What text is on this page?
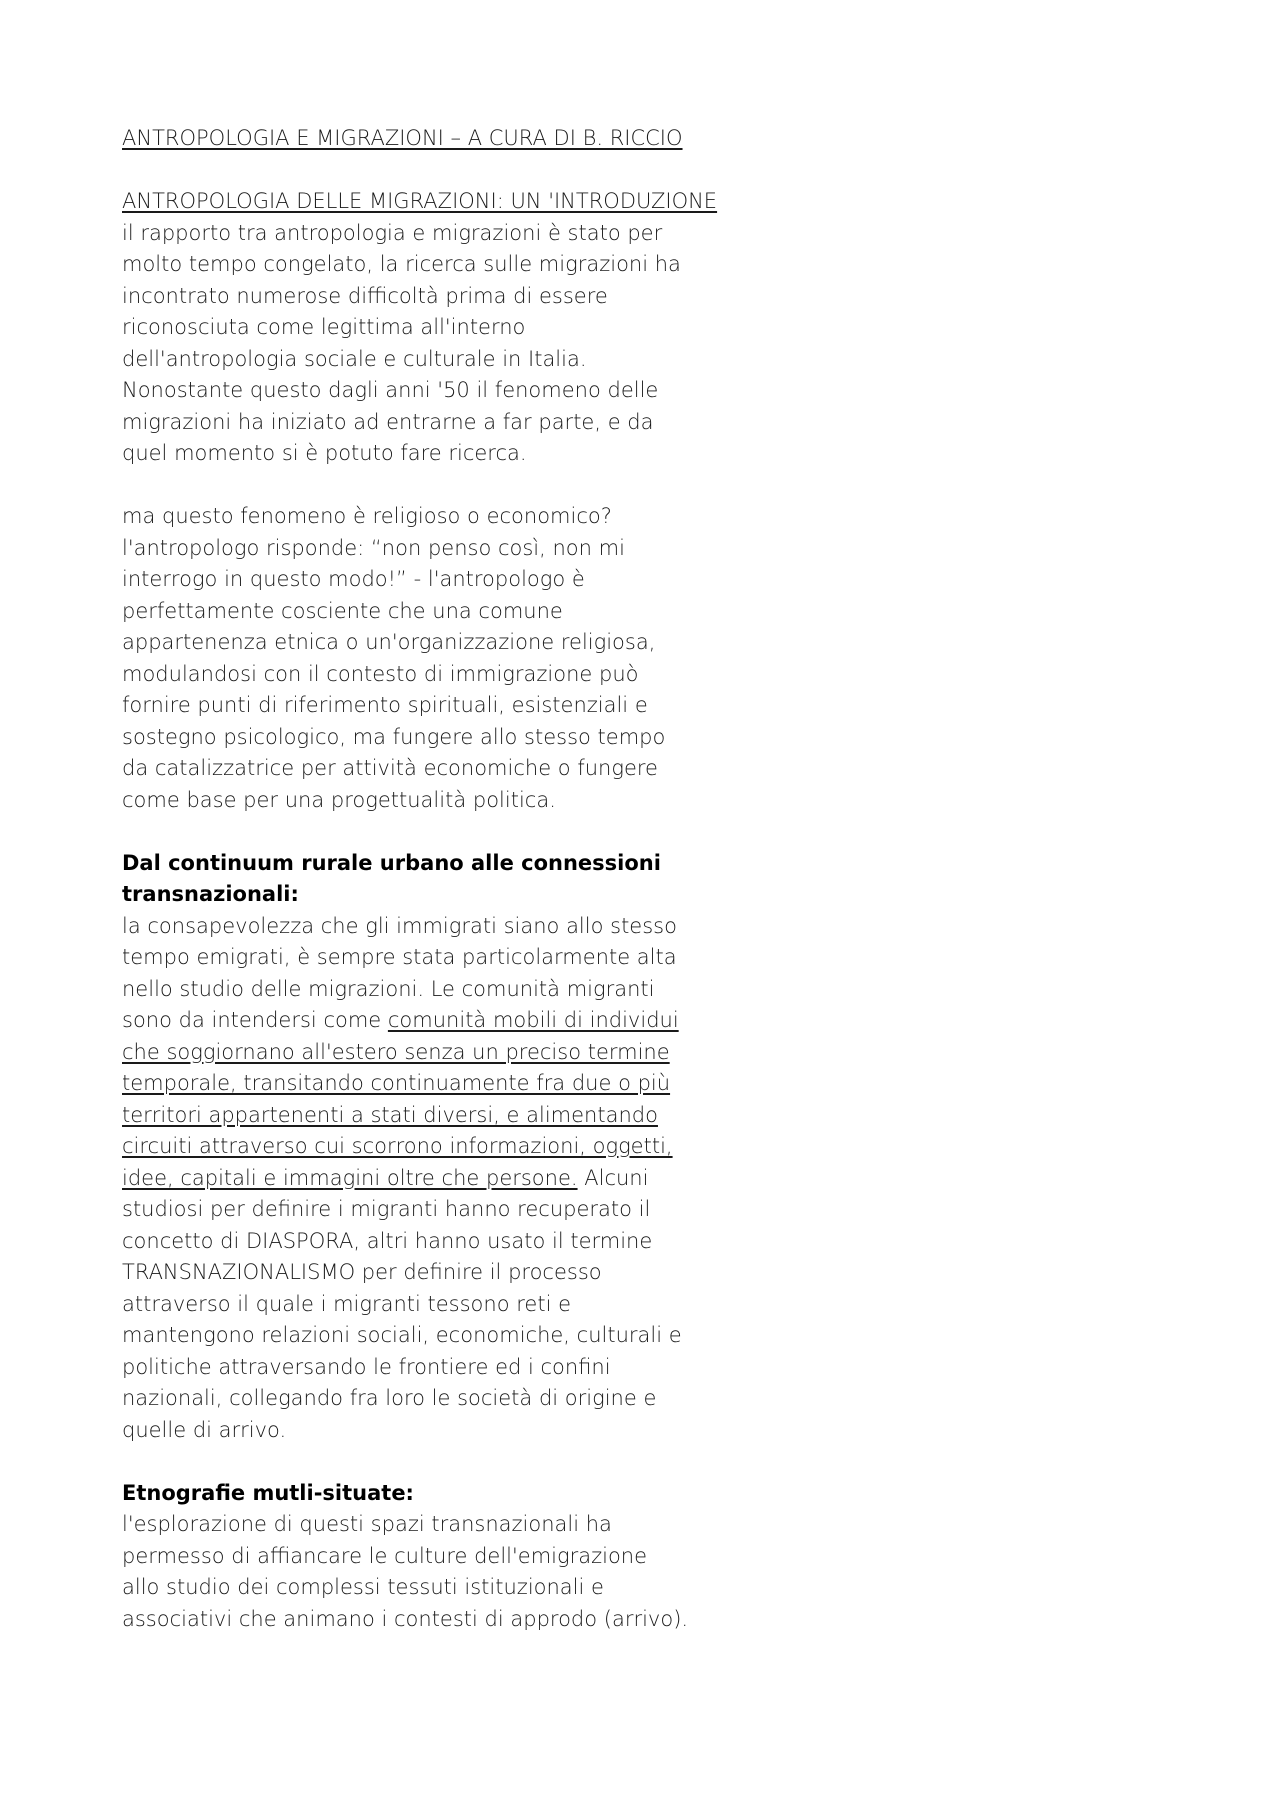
ANTROPOLOGIA E MIGRAZIONI – A CURA DI B. RICCIO
ANTROPOLOGIA DELLE MIGRAZIONI: UN 'INTRODUZIONE
il rapporto tra antropologia e migrazioni è stato per
molto tempo congelato, la ricerca sulle migrazioni ha
incontrato numerose difficoltà prima di essere
riconosciuta come legittima all'interno
dell'antropologia sociale e culturale in Italia.
Nonostante questo dagli anni '50 il fenomeno delle
migrazioni ha iniziato ad entrarne a far parte, e da
quel momento si è potuto fare ricerca.
ma questo fenomeno è religioso o economico?
l'antropologo risponde: “non penso così, non mi
interrogo in questo modo!” - l'antropologo è
perfettamente cosciente che una comune
appartenenza etnica o un'organizzazione religiosa,
modulandosi con il contesto di immigrazione può
fornire punti di riferimento spirituali, esistenziali e
sostegno psicologico, ma fungere allo stesso tempo
da catalizzatrice per attività economiche o fungere
come base per una progettualità politica.
Dal continuum rurale urbano alle connessioni
transnazionali:
la consapevolezza che gli immigrati siano allo stesso
tempo emigrati, è sempre stata particolarmente alta
nello studio delle migrazioni. Le comunità migranti
sono da intendersi come comunità mobili di individui
che soggiornano all'estero senza un preciso termine
temporale, transitando continuamente fra due o più
territori appartenenti a stati diversi, e alimentando
circuiti attraverso cui scorrono informazioni, oggetti,
idee, capitali e immagini oltre che persone. Alcuni
studiosi per definire i migranti hanno recuperato il
concetto di DIASPORA, altri hanno usato il termine
TRANSNAZIONALISMO per definire il processo
attraverso il quale i migranti tessono reti e
mantengono relazioni sociali, economiche, culturali e
politiche attraversando le frontiere ed i confini
nazionali, collegando fra loro le società di origine e
quelle di arrivo.
Etnografie mutli-situate:
l'esplorazione di questi spazi transnazionali ha
permesso di affiancare le culture dell'emigrazione
allo studio dei complessi tessuti istituzionali e
associativi che animano i contesti di approdo (arrivo).
